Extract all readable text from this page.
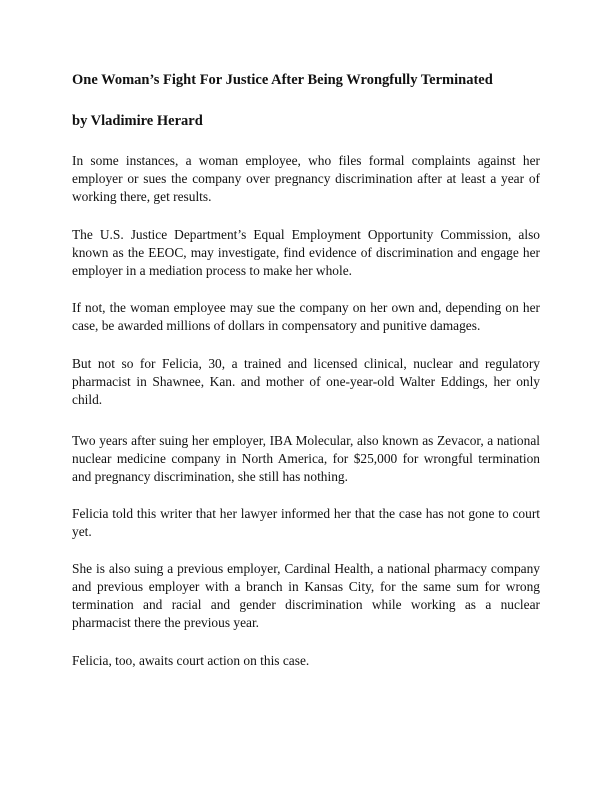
One Woman’s Fight For Justice After Being Wrongfully Terminated

by Vladimire Herard

In some instances, a woman employee, who files formal complaints against her employer or sues the company over pregnancy discrimination after at least a year of working there, get results.

The U.S. Justice Department’s Equal Employment Opportunity Commission, also known as the EEOC, may investigate, find evidence of discrimination and engage her employer in a mediation process to make her whole.

If not, the woman employee may sue the company on her own and, depending on her case, be awarded millions of dollars in compensatory and punitive damages.

But not so for Felicia, 30, a trained and licensed clinical, nuclear and regulatory pharmacist in Shawnee, Kan. and mother of one-year-old Walter Eddings, her only child.

Two years after suing her employer, IBA Molecular, also known as Zevacor, a national nuclear medicine company in North America, for $25,000 for wrongful termination and pregnancy discrimination, she still has nothing.

Felicia told this writer that her lawyer informed her that the case has not gone to court yet.

She is also suing a previous employer, Cardinal Health, a national pharmacy company and previous employer with a branch in Kansas City, for the same sum for wrong termination and racial and gender discrimination while working as a nuclear pharmacist there the previous year.

Felicia, too, awaits court action on this case.
